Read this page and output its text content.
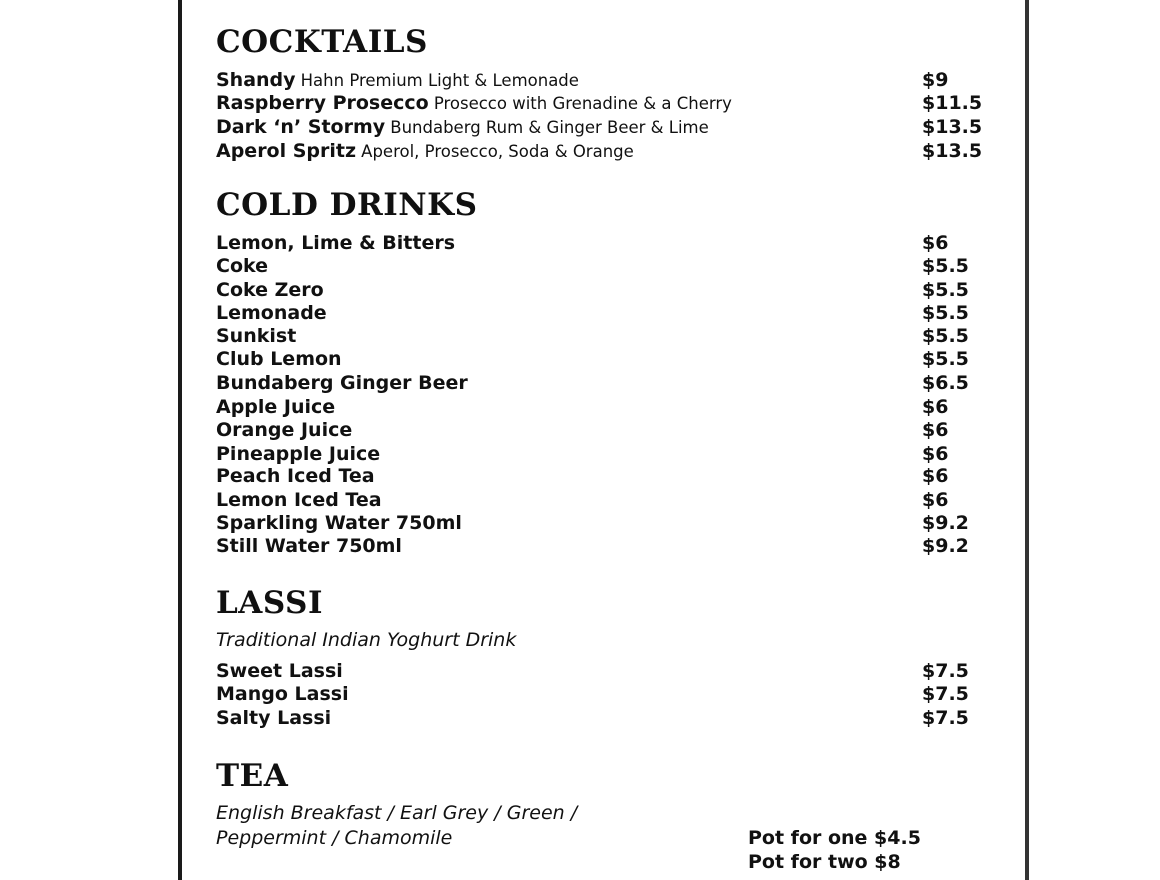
COCKTAILS
Shandy Hahn Premium Light & Lemonade	$9
Raspberry Prosecco Prosecco with Grenadine & a Cherry	$11.5
Dark ‘n’ Stormy Bundaberg Rum & Ginger Beer & Lime	$13.5
Aperol Spritz Aperol, Prosecco, Soda & Orange	$13.5
COLD DRINKS
Lemon, Lime & Bitters	$6
Coke	$5.5
Coke Zero	$5.5
Lemonade	$5.5
Sunkist	$5.5
Club Lemon	$5.5
Bundaberg Ginger Beer	$6.5
Apple Juice	$6
Orange Juice	$6
Pineapple Juice	$6
Peach Iced Tea	$6
Lemon Iced Tea	$6
Sparkling Water 750ml	$9.2
Still Water 750ml	$9.2
LASSI
Traditional Indian Yoghurt Drink
Sweet Lassi	$7.5
Mango Lassi	$7.5
Salty Lassi	$7.5
TEA
English Breakfast / Earl Grey / Green /
Peppermint / Chamomile	Pot for one $4.5
Pot for two $8
